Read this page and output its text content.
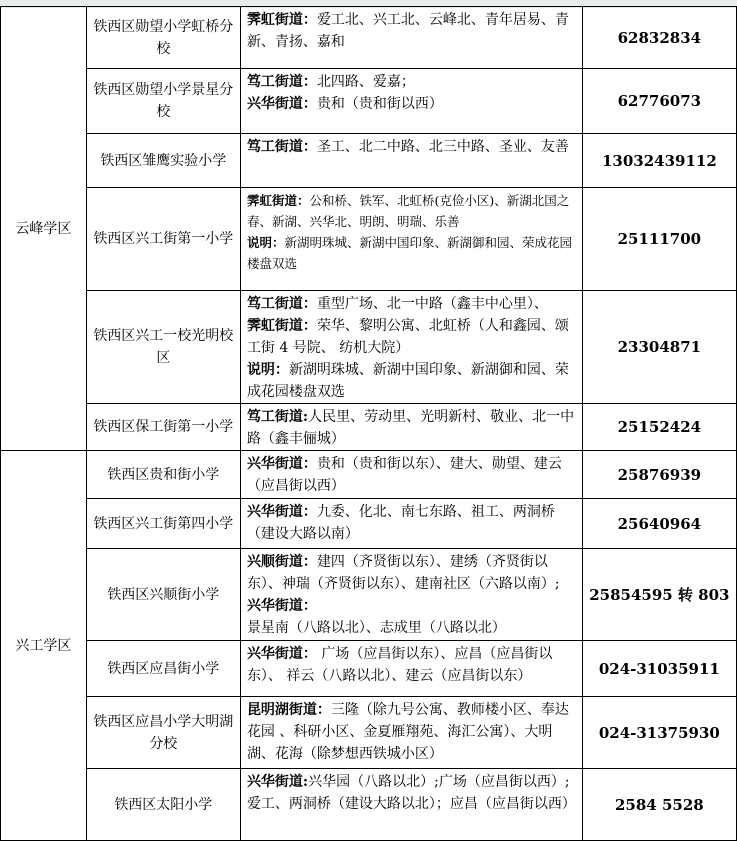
云峰学区	铁西区勋望小学虹桥分校	霁虹街道：爱工北、兴工北、云峰北、青年居易、青新、青扬、嘉和	62832834
	铁西区勋望小学景星分校	笃工街道：北四路、爱嘉；
兴华街道：贵和（贵和街以西）	62776073
	铁西区雏鹰实验小学	笃工街道：圣工、北二中路、北三中路、圣业、友善	13032439112
	铁西区兴工街第一小学	霁虹街道：公和桥、铁军、北虹桥(克俭小区)、新湖北国之春、新湖、兴华北、明朗、明瑞、乐善
说明：新湖明珠城、新湖中国印象、新湖御和园、荣成花园楼盘双选	25111700
	铁西区兴工一校光明校区	笃工街道：重型广场、北一中路（鑫丰中心里）、
霁虹街道：荣华、黎明公寓、北虹桥（人和鑫园、颂工街 4 号院、 纺机大院）
说明：新湖明珠城、新湖中国印象、新湖御和园、荣成花园楼盘双选	23304871
	铁西区保工街第一小学	笃工街道:人民里、劳动里、光明新村、敬业、北一中路（鑫丰俪城）	25152424
兴工学区	铁西区贵和街小学	兴华街道：贵和（贵和街以东）、建大、勋望、建云（应昌街以西）	25876939
	铁西区兴工街第四小学	兴华街道：九委、化北、南七东路、祖工、两洞桥（建设大路以南）	25640964
	铁西区兴顺街小学	兴顺街道：建四（齐贤街以东）、建绣（齐贤街以东）、神瑞（齐贤街以东）、建南社区（六路以南）;
兴华街道：景星南（八路以北）、志成里（八路以北）	25854595 转 803
	铁西区应昌街小学	兴华街道： 广场（应昌街以东）、应昌（应昌街以东）、 祥云（八路以北）、建云（应昌街以东）	024-31035911
	铁西区应昌小学大明湖分校	昆明湖街道：三隆（除九号公寓、教师楼小区、奉达花园 、科研小区、金夏雁翔苑、海汇公寓）、大明湖、花海（除梦想西铁城小区）	024-31375930
	铁西区太阳小学	兴华街道:兴华园（八路以北）;广场（应昌街以西）;爱工、两洞桥（建设大路以北）；应昌（应昌街以西）	2584 5528
